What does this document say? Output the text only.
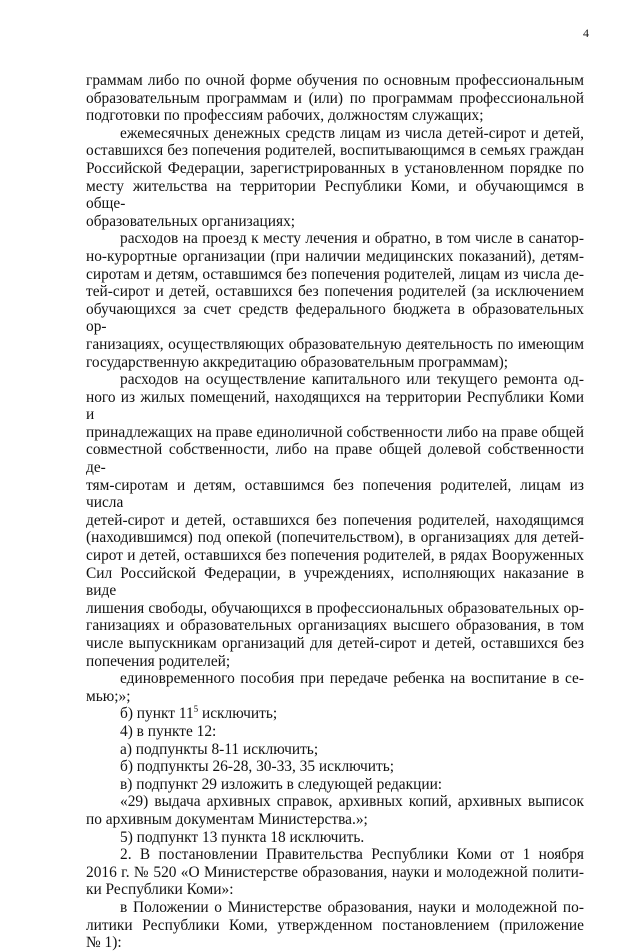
4

граммам либо по очной форме обучения по основным профессиональным

образовательным программам и (или) по программам профессиональной

подготовки по профессиям рабочих, должностям служащих;

ежемесячных денежных средств лицам из числа детей-сирот и детей,

оставшихся без попечения родителей, воспитывающимся в семьях граждан

Российской Федерации, зарегистрированных в установленном порядке по

месту жительства на территории Республики Коми, и обучающимся в обще-

образовательных организациях;

расходов на проезд к месту лечения и обратно, в том числе в санатор-

но-курортные организации (при наличии медицинских показаний), детям-

сиротам и детям, оставшимся без попечения родителей, лицам из числа де-

тей-сирот и детей, оставшихся без попечения родителей (за исключением

обучающихся за счет средств федерального бюджета в образовательных ор-

ганизациях, осуществляющих образовательную деятельность по имеющим

государственную аккредитацию образовательным программам);

расходов на осуществление капитального или текущего ремонта од-

ного из жилых помещений, находящихся на территории Республики Коми и

принадлежащих на праве единоличной собственности либо на праве общей

совместной собственности, либо на праве общей долевой собственности де-

тям-сиротам и детям, оставшимся без попечения родителей, лицам из числа

детей-сирот и детей, оставшихся без попечения родителей, находящимся

(находившимся) под опекой (попечительством), в организациях для детей-

сирот и детей, оставшихся без попечения родителей, в рядах Вооруженных

Сил Российской Федерации, в учреждениях, исполняющих наказание в виде

лишения свободы, обучающихся в профессиональных образовательных ор-

ганизациях и образовательных организациях высшего образования, в том

числе выпускникам организаций для детей-сирот и детей, оставшихся без

попечения родителей;

единовременного пособия при передаче ребенка на воспитание в се-

мью;»;

б) пункт $11^5$ исключить;

4) в пункте 12:

а) подпункты 8-11 исключить;

б) подпункты 26-28, 30-33, 35 исключить;

в) подпункт 29 изложить в следующей редакции:

«29) выдача архивных справок, архивных копий, архивных выписок

по архивным документам Министерства.»;

5) подпункт 13 пункта 18 исключить.

2. В постановлении Правительства Республики Коми от 1 ноября

2016 г. № 520 «О Министерстве образования, науки и молодежной полити-

ки Республики Коми»:

в Положении о Министерстве образования, науки и молодежной по-

литики Республики Коми, утвержденном постановлением (приложение

№ 1):
